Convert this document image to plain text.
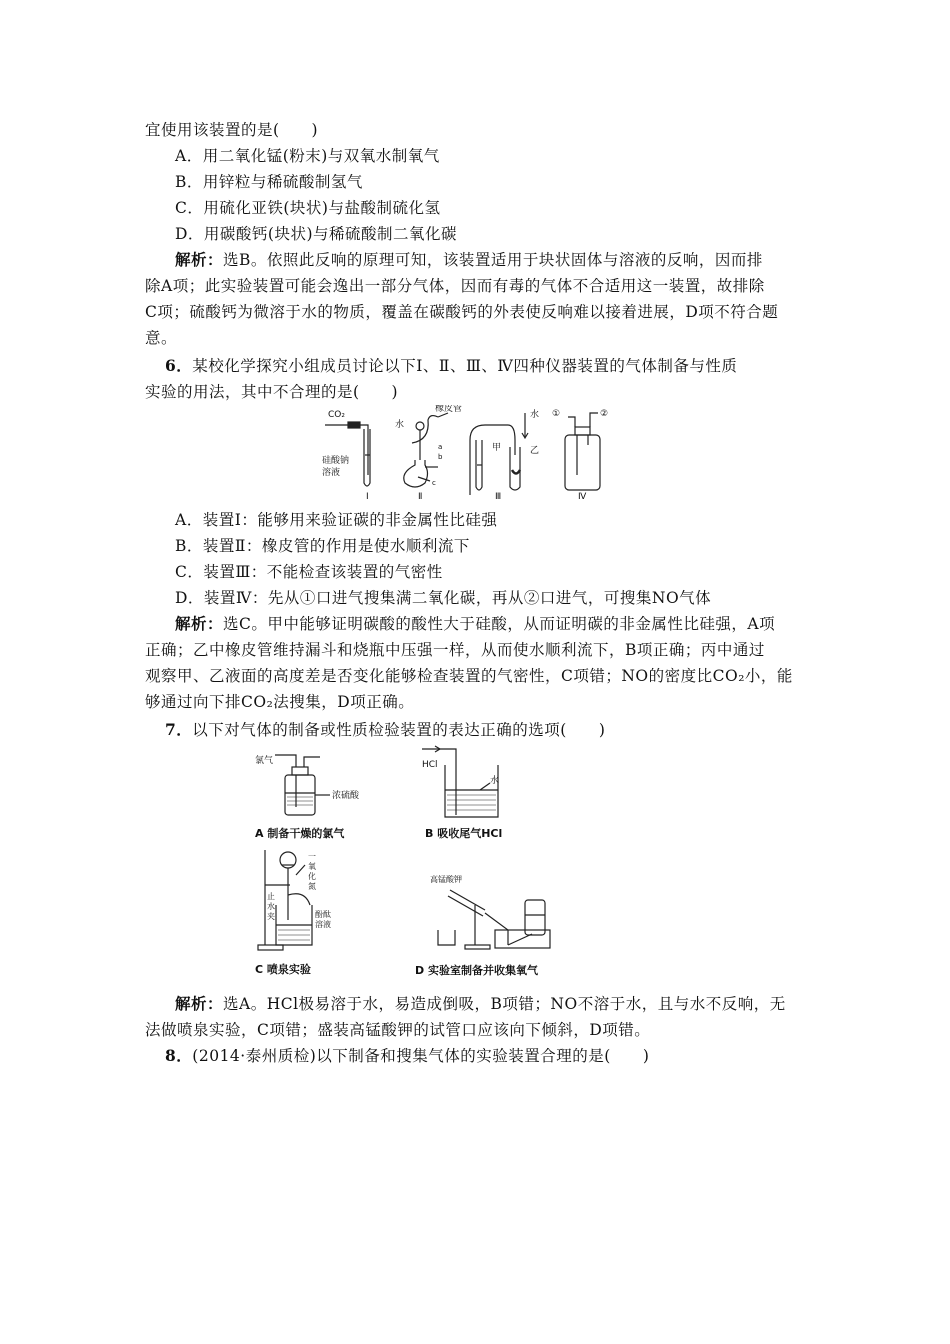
宜使用该装置的是(　　)
A．用二氧化锰(粉末)与双氧水制氧气
B．用锌粒与稀硫酸制氢气
C．用硫化亚铁(块状)与盐酸制硫化氢
D．用碳酸钙(块状)与稀硫酸制二氧化碳
解析：选B。依照此反响的原理可知，该装置适用于块状固体与溶液的反响，因而排
除A项；此实验装置可能会逸出一部分气体，因而有毒的气体不合适用这一装置，故排除
C项；硫酸钙为微溶于水的物质，覆盖在碳酸钙的外表使反响难以接着进展，D项不符合题
意。
6．某校化学探究小组成员讨论以下Ⅰ、Ⅱ、Ⅲ、Ⅳ四种仪器装置的气体制备与性质
实验的用法，其中不合理的是(　　)
CO₂
硅酸钠
溶液
水
橡皮管
a
b
c
甲	乙
水 ①	②
Ⅰ	Ⅱ	Ⅲ	Ⅳ
A．装置Ⅰ：能够用来验证碳的非金属性比硅强
B．装置Ⅱ：橡皮管的作用是使水顺利流下
C．装置Ⅲ：不能检查该装置的气密性
D．装置Ⅳ：先从①口进气搜集满二氧化碳，再从②口进气，可搜集NO气体
解析：选C。甲中能够证明碳酸的酸性大于硅酸，从而证明碳的非金属性比硅强，A项
正确；乙中橡皮管维持漏斗和烧瓶中压强一样，从而使水顺利流下，B项正确；丙中通过
观察甲、乙液面的高度差是否变化能够检查装置的气密性，C项错；NO的密度比CO₂小，能
够通过向下排CO₂法搜集，D项正确。
7．以下对气体的制备或性质检验装置的表达正确的选项(　　)
氯气
浓硫酸
A 制备干燥的氯气
HCl
水
B 吸收尾气HCl
一
氧
化
氮
止
水
夹	酚酞
溶液
C 喷泉实验
高锰酸钾
D 实验室制备并收集氧气
解析：选A。HCl极易溶于水，易造成倒吸，B项错；NO不溶于水，且与水不反响，无
法做喷泉实验，C项错；盛装高锰酸钾的试管口应该向下倾斜，D项错。
8．(2014·泰州质检)以下制备和搜集气体的实验装置合理的是(　　)
